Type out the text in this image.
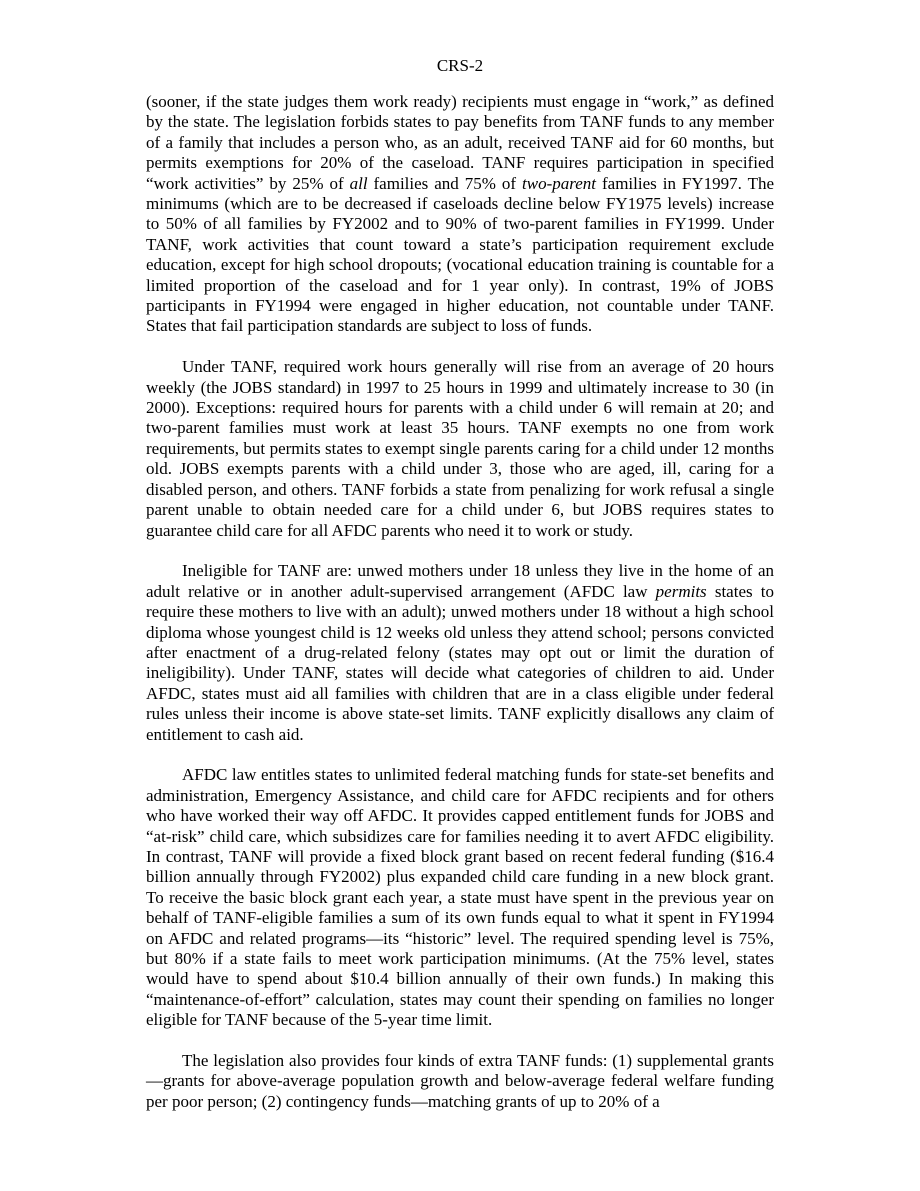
CRS-2

(sooner, if the state judges them work ready) recipients must engage in “work,” as defined by the state. The legislation forbids states to pay benefits from TANF funds to any member of a family that includes a person who, as an adult, received TANF aid for 60 months, but permits exemptions for 20% of the caseload. TANF requires participation in specified “work activities” by 25% of all families and 75% of two-parent families in FY1997. The minimums (which are to be decreased if caseloads decline below FY1975 levels) increase to 50% of all families by FY2002 and to 90% of two-parent families in FY1999. Under TANF, work activities that count toward a state’s participation requirement exclude education, except for high school dropouts; (vocational education training is countable for a limited proportion of the caseload and for 1 year only). In contrast, 19% of JOBS participants in FY1994 were engaged in higher education, not countable under TANF. States that fail participation standards are subject to loss of funds.

Under TANF, required work hours generally will rise from an average of 20 hours weekly (the JOBS standard) in 1997 to 25 hours in 1999 and ultimately increase to 30 (in 2000). Exceptions: required hours for parents with a child under 6 will remain at 20; and two-parent families must work at least 35 hours. TANF exempts no one from work requirements, but permits states to exempt single parents caring for a child under 12 months old. JOBS exempts parents with a child under 3, those who are aged, ill, caring for a disabled person, and others. TANF forbids a state from penalizing for work refusal a single parent unable to obtain needed care for a child under 6, but JOBS requires states to guarantee child care for all AFDC parents who need it to work or study.

Ineligible for TANF are: unwed mothers under 18 unless they live in the home of an adult relative or in another adult-supervised arrangement (AFDC law permits states to require these mothers to live with an adult); unwed mothers under 18 without a high school diploma whose youngest child is 12 weeks old unless they attend school; persons convicted after enactment of a drug-related felony (states may opt out or limit the duration of ineligibility). Under TANF, states will decide what categories of children to aid. Under AFDC, states must aid all families with children that are in a class eligible under federal rules unless their income is above state-set limits. TANF explicitly disallows any claim of entitlement to cash aid.

AFDC law entitles states to unlimited federal matching funds for state-set benefits and administration, Emergency Assistance, and child care for AFDC recipients and for others who have worked their way off AFDC. It provides capped entitlement funds for JOBS and “at-risk” child care, which subsidizes care for families needing it to avert AFDC eligibility. In contrast, TANF will provide a fixed block grant based on recent federal funding ($16.4 billion annually through FY2002) plus expanded child care funding in a new block grant. To receive the basic block grant each year, a state must have spent in the previous year on behalf of TANF-eligible families a sum of its own funds equal to what it spent in FY1994 on AFDC and related programs—its “historic” level. The required spending level is 75%, but 80% if a state fails to meet work participation minimums. (At the 75% level, states would have to spend about $10.4 billion annually of their own funds.) In making this “maintenance-of-effort” calculation, states may count their spending on families no longer eligible for TANF because of the 5-year time limit.

The legislation also provides four kinds of extra TANF funds: (1) supplemental grants—grants for above-average population growth and below-average federal welfare funding per poor person; (2) contingency funds—matching grants of up to 20% of a
